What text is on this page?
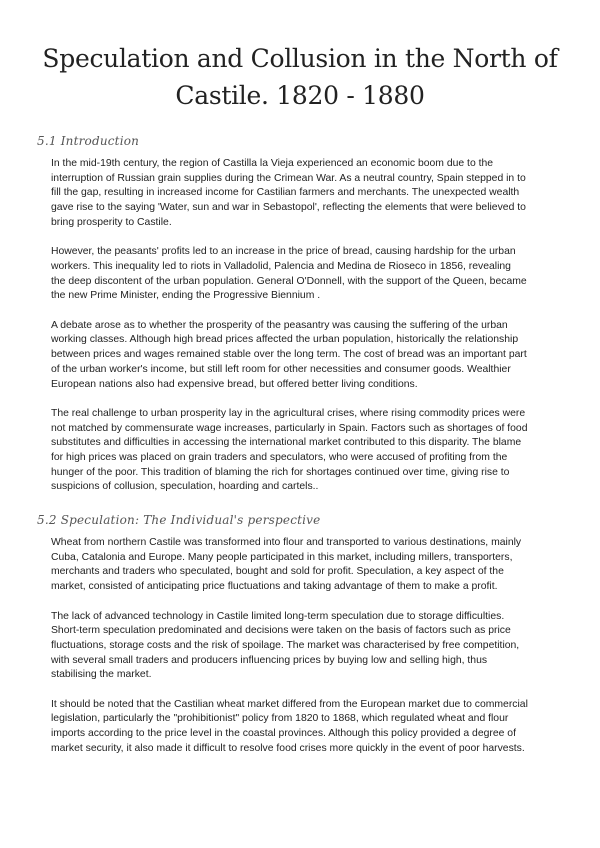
Speculation and Collusion in the North of
Castile. 1820 - 1880
5.1 Introduction
In the mid-19th century, the region of Castilla la Vieja experienced an economic boom due to the
interruption of Russian grain supplies during the Crimean War. As a neutral country, Spain stepped in to
fill the gap, resulting in increased income for Castilian farmers and merchants. The unexpected wealth
gave rise to the saying 'Water, sun and war in Sebastopol', reflecting the elements that were believed to
bring prosperity to Castile.
However, the peasants' profits led to an increase in the price of bread, causing hardship for the urban
workers. This inequality led to riots in Valladolid, Palencia and Medina de Rioseco in 1856, revealing
the deep discontent of the urban population. General O'Donnell, with the support of the Queen, became
the new Prime Minister, ending the Progressive Biennium .
A debate arose as to whether the prosperity of the peasantry was causing the suffering of the urban
working classes. Although high bread prices affected the urban population, historically the relationship
between prices and wages remained stable over the long term. The cost of bread was an important part
of the urban worker's income, but still left room for other necessities and consumer goods. Wealthier
European nations also had expensive bread, but offered better living conditions.
The real challenge to urban prosperity lay in the agricultural crises, where rising commodity prices were
not matched by commensurate wage increases, particularly in Spain. Factors such as shortages of food
substitutes and difficulties in accessing the international market contributed to this disparity. The blame
for high prices was placed on grain traders and speculators, who were accused of profiting from the
hunger of the poor. This tradition of blaming the rich for shortages continued over time, giving rise to
suspicions of collusion, speculation, hoarding and cartels..
5.2 Speculation: The Individual's perspective
Wheat from northern Castile was transformed into flour and transported to various destinations, mainly
Cuba, Catalonia and Europe. Many people participated in this market, including millers, transporters,
merchants and traders who speculated, bought and sold for profit. Speculation, a key aspect of the
market, consisted of anticipating price fluctuations and taking advantage of them to make a profit.
The lack of advanced technology in Castile limited long-term speculation due to storage difficulties.
Short-term speculation predominated and decisions were taken on the basis of factors such as price
fluctuations, storage costs and the risk of spoilage. The market was characterised by free competition,
with several small traders and producers influencing prices by buying low and selling high, thus
stabilising the market.
It should be noted that the Castilian wheat market differed from the European market due to commercial
legislation, particularly the "prohibitionist" policy from 1820 to 1868, which regulated wheat and flour
imports according to the price level in the coastal provinces. Although this policy provided a degree of
market security, it also made it difficult to resolve food crises more quickly in the event of poor harvests.
